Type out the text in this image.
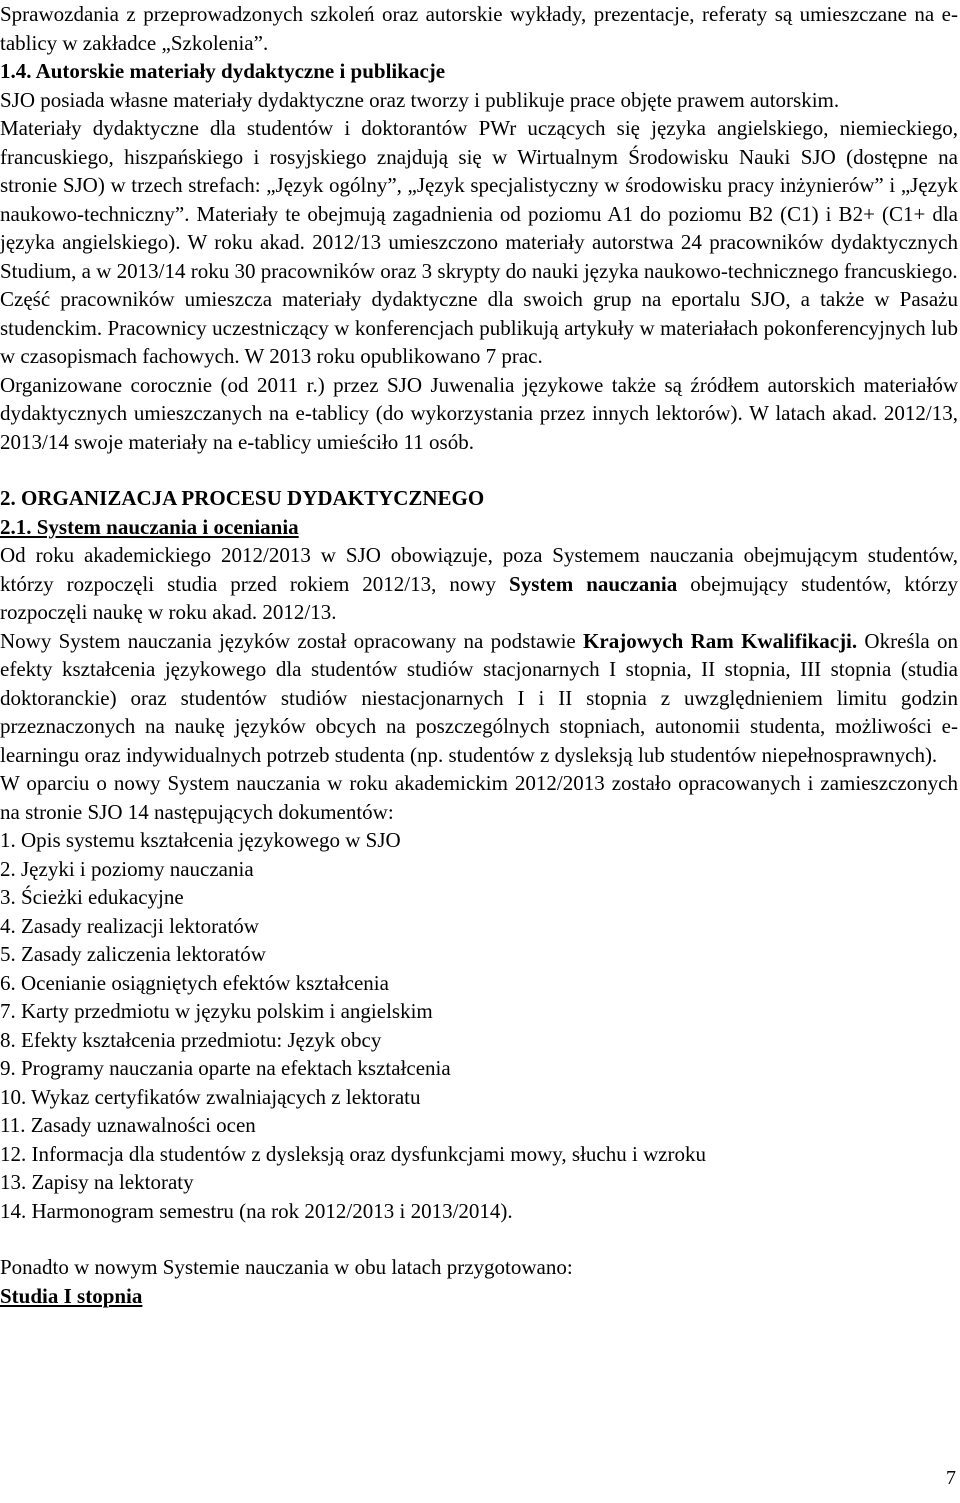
Sprawozdania z przeprowadzonych szkoleń oraz autorskie wykłady, prezentacje, referaty są umieszczane na e-tablicy w zakładce „Szkolenia”.

1.4. Autorskie materiały dydaktyczne i publikacje

SJO posiada własne materiały dydaktyczne oraz tworzy i publikuje prace objęte prawem autorskim.

Materiały dydaktyczne dla studentów i doktorantów PWr uczących się języka angielskiego, niemieckiego, francuskiego, hiszpańskiego i rosyjskiego znajdują się w Wirtualnym Środowisku Nauki SJO (dostępne na stronie SJO) w trzech strefach: „Język ogólny”, „Język specjalistyczny w środowisku pracy inżynierów” i „Język naukowo-techniczny”. Materiały te obejmują zagadnienia od poziomu A1 do poziomu B2 (C1) i B2+ (C1+ dla języka angielskiego). W roku akad. 2012/13 umieszczono materiały autorstwa 24 pracowników dydaktycznych Studium, a w 2013/14 roku 30 pracowników oraz 3 skrypty do nauki języka naukowo-technicznego francuskiego.

Część pracowników umieszcza materiały dydaktyczne dla swoich grup na eportalu SJO, a także w Pasażu studenckim. Pracownicy uczestniczący w konferencjach publikują artykuły w materiałach pokonferencyjnych lub w czasopismach fachowych. W 2013 roku opublikowano 7 prac.

Organizowane corocznie (od 2011 r.) przez SJO Juwenalia językowe także są źródłem autorskich materiałów dydaktycznych umieszczanych na e-tablicy (do wykorzystania przez innych lektorów). W latach akad. 2012/13, 2013/14 swoje materiały na e-tablicy umieściło 11 osób.

2. ORGANIZACJA PROCESU DYDAKTYCZNEGO

2.1. System nauczania i oceniania

Od roku akademickiego 2012/2013 w SJO obowiązuje, poza Systemem nauczania obejmującym studentów, którzy rozpoczęli studia przed rokiem 2012/13, nowy System nauczania obejmujący studentów, którzy rozpoczęli naukę w roku akad. 2012/13.

Nowy System nauczania języków został opracowany na podstawie Krajowych Ram Kwalifikacji. Określa on efekty kształcenia językowego dla studentów studiów stacjonarnych I stopnia, II stopnia, III stopnia (studia doktoranckie) oraz studentów studiów niestacjonarnych I i II stopnia z uwzględnieniem limitu godzin przeznaczonych na naukę języków obcych na poszczególnych stopniach, autonomii studenta, możliwości e-learningu oraz indywidualnych potrzeb studenta (np. studentów z dysleksją lub studentów niepełnosprawnych).

W oparciu o nowy System nauczania w roku akademickim 2012/2013 zostało opracowanych i zamieszczonych na stronie SJO 14 następujących dokumentów:

1. Opis systemu kształcenia językowego w SJO
2. Języki i poziomy nauczania
3. Ścieżki edukacyjne
4. Zasady realizacji lektoratów
5. Zasady zaliczenia lektoratów
6. Ocenianie osiągniętych efektów kształcenia
7. Karty przedmiotu w języku polskim i angielskim
8. Efekty kształcenia przedmiotu: Język obcy
9. Programy nauczania oparte na efektach kształcenia
10. Wykaz certyfikatów zwalniających z lektoratu
11. Zasady uznawalności ocen
12. Informacja dla studentów z dysleksją oraz dysfunkcjami mowy, słuchu i wzroku
13. Zapisy na lektoraty
14. Harmonogram semestru (na rok 2012/2013 i 2013/2014).

Ponadto w nowym Systemie nauczania w obu latach przygotowano:

Studia I stopnia

7
